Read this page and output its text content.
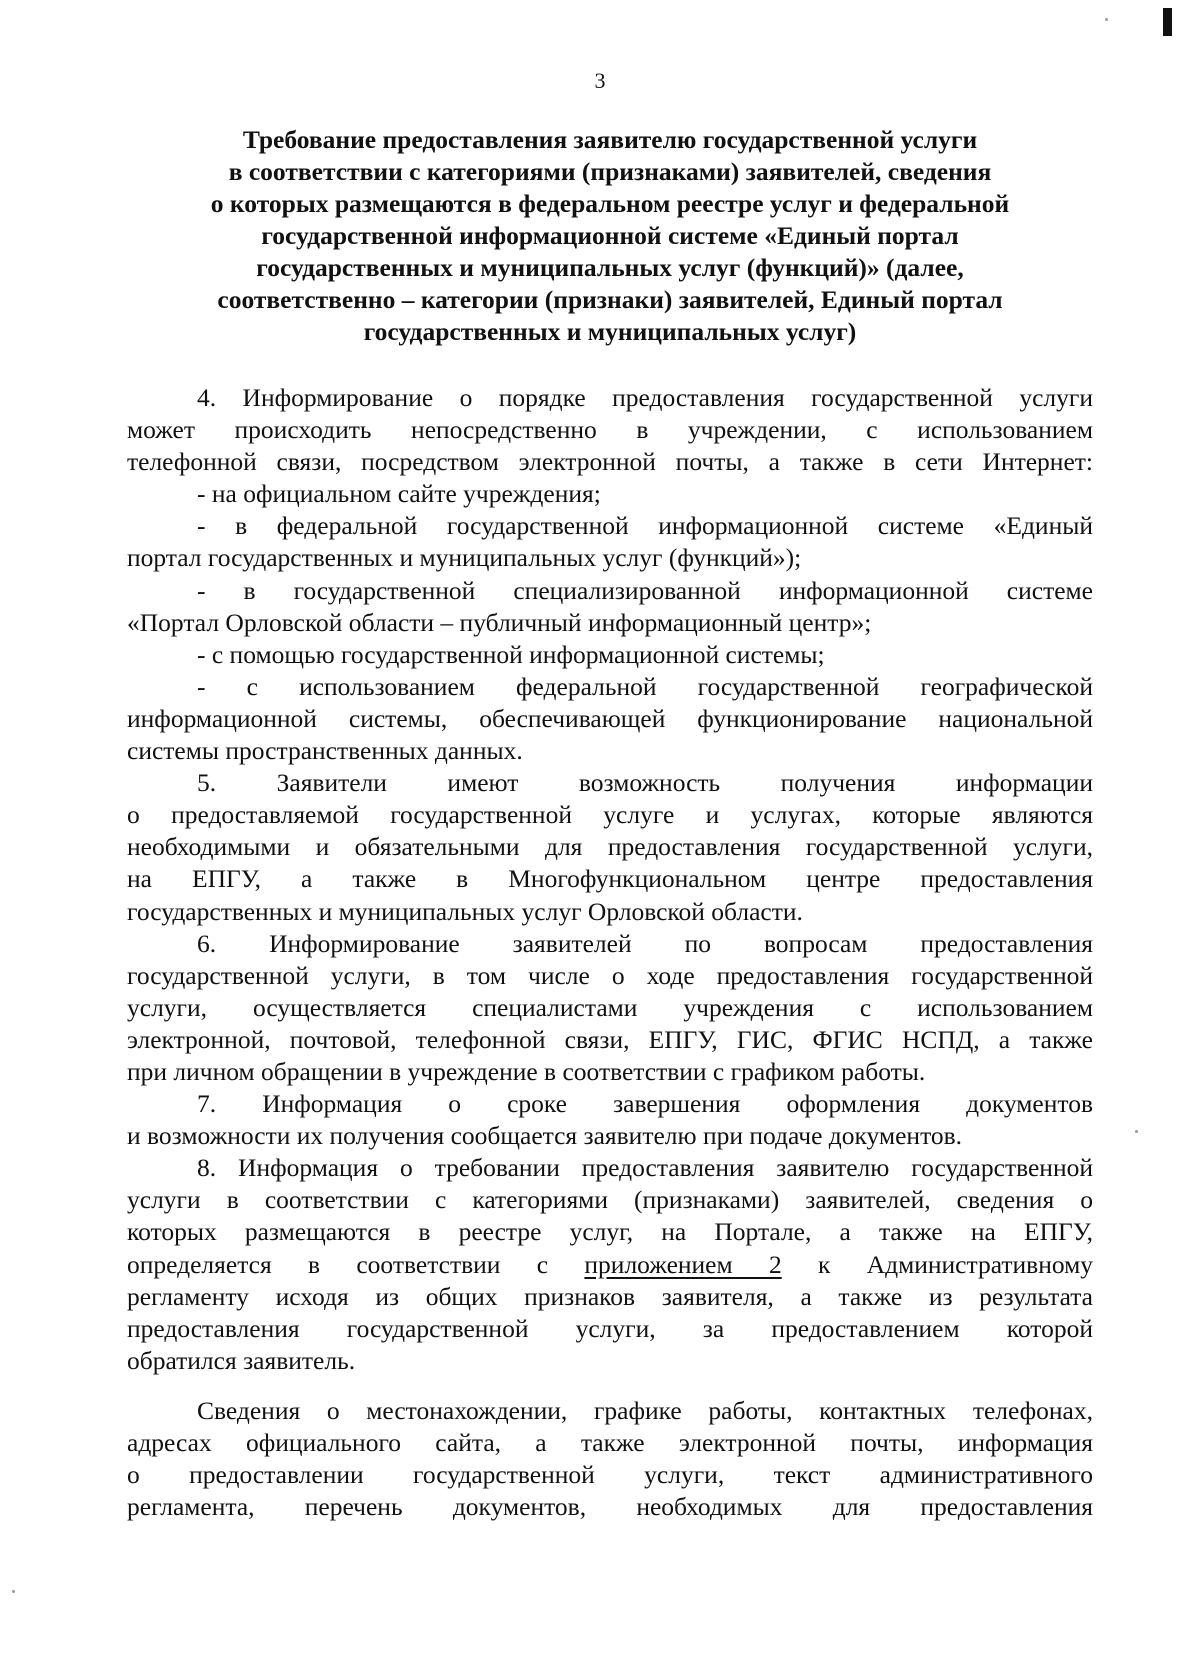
3
Требование предоставления заявителю государственной услуги
в соответствии с категориями (признаками) заявителей, сведения
о которых размещаются в федеральном реестре услуг и федеральной
государственной информационной системе «Единый портал
государственных и муниципальных услуг (функций)» (далее,
соответственно – категории (признаки) заявителей, Единый портал
государственных и муниципальных услуг)
4. Информирование о порядке предоставления государственной услуги
может происходить непосредственно в учреждении, с использованием
телефонной связи, посредством электронной почты, а также в сети Интернет:
- на официальном сайте учреждения;
- в федеральной государственной информационной системе «Единый
портал государственных и муниципальных услуг (функций»);
- в государственной специализированной информационной системе
«Портал Орловской области – публичный информационный центр»;
- с помощью государственной информационной системы;
- с использованием федеральной государственной географической
информационной системы, обеспечивающей функционирование национальной
системы пространственных данных.
5. Заявители имеют возможность получения информации
о предоставляемой государственной услуге и услугах, которые являются
необходимыми и обязательными для предоставления государственной услуги,
на ЕПГУ, а также в Многофункциональном центре предоставления
государственных и муниципальных услуг Орловской области.
6. Информирование заявителей по вопросам предоставления
государственной услуги, в том числе о ходе предоставления государственной
услуги, осуществляется специалистами учреждения с использованием
электронной, почтовой, телефонной связи, ЕПГУ, ГИС, ФГИС НСПД, а также
при личном обращении в учреждение в соответствии с графиком работы.
7. Информация о сроке завершения оформления документов
и возможности их получения сообщается заявителю при подаче документов.
8. Информация о требовании предоставления заявителю государственной
услуги в соответствии с категориями (признаками) заявителей, сведения о
которых размещаются в реестре услуг, на Портале, а также на ЕПГУ,
определяется в соответствии с приложением 2 к Административному
регламенту исходя из общих признаков заявителя, а также из результата
предоставления государственной услуги, за предоставлением которой
обратился заявитель.
Сведения о местонахождении, графике работы, контактных телефонах,
адресах официального сайта, а также электронной почты, информация
о предоставлении государственной услуги, текст административного
регламента, перечень документов, необходимых для предоставления
